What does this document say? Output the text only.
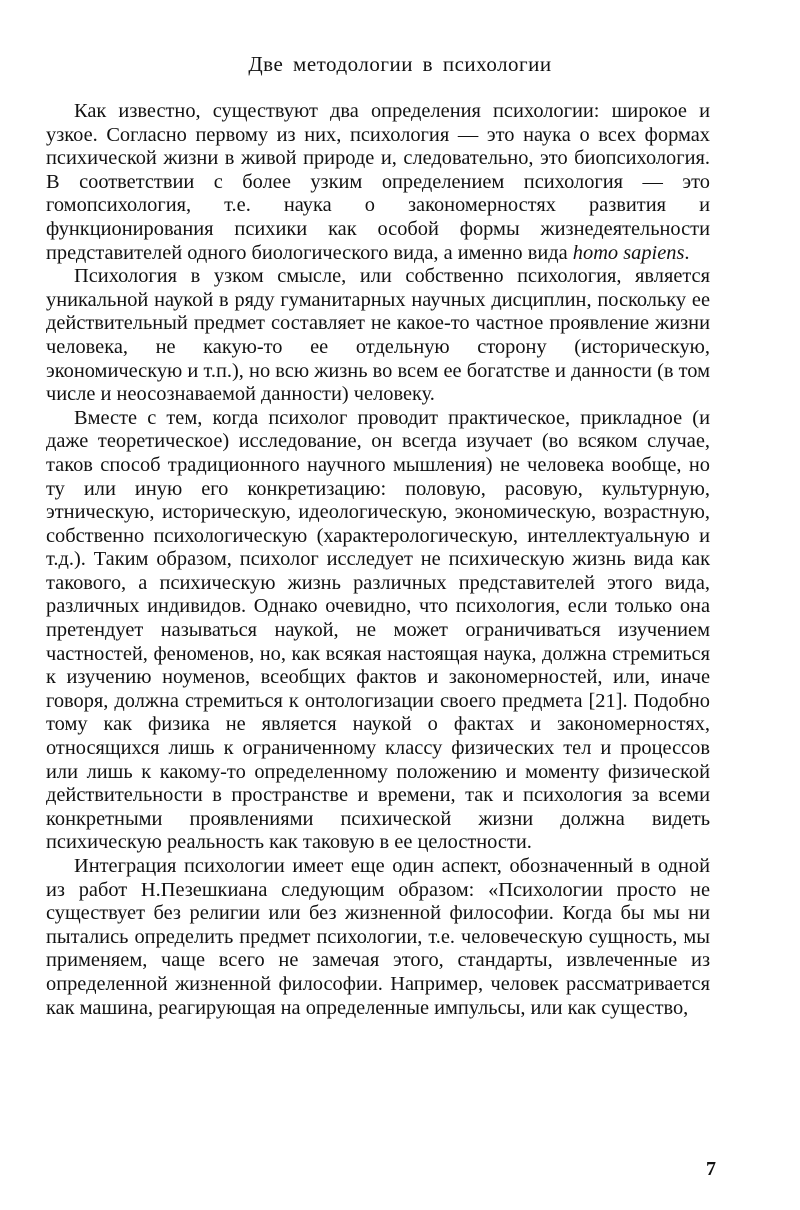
Две методологии в психологии

Как известно, существуют два определения психологии: широкое и узкое. Согласно первому из них, психология — это наука о всех формах психической жизни в живой природе и, следовательно, это биопсихология. В соответствии с более узким определением психология — это гомопсихология, т.е. наука о закономерностях развития и функционирования психики как особой формы жизнедеятельности представителей одного биологического вида, а именно вида homo sapiens.

Психология в узком смысле, или собственно психология, является уникальной наукой в ряду гуманитарных научных дисциплин, поскольку ее действительный предмет составляет не какое-то частное проявление жизни человека, не какую-то ее отдельную сторону (историческую, экономическую и т.п.), но всю жизнь во всем ее богатстве и данности (в том числе и неосознаваемой данности) человеку.

Вместе с тем, когда психолог проводит практическое, прикладное (и даже теоретическое) исследование, он всегда изучает (во всяком случае, таков способ традиционного научного мышления) не человека вообще, но ту или иную его конкретизацию: половую, расовую, культурную, этническую, историческую, идеологическую, экономическую, возрастную, собственно психологическую (характерологическую, интеллектуальную и т.д.). Таким образом, психолог исследует не психическую жизнь вида как такового, а психическую жизнь различных представителей этого вида, различных индивидов. Однако очевидно, что психология, если только она претендует называться наукой, не может ограничиваться изучением частностей, феноменов, но, как всякая настоящая наука, должна стремиться к изучению ноуменов, всеобщих фактов и закономерностей, или, иначе говоря, должна стремиться к онтологизации своего предмета [21]. Подобно тому как физика не является наукой о фактах и закономерностях, относящихся лишь к ограниченному классу физических тел и процессов или лишь к какому-то определенному положению и моменту физической действительности в пространстве и времени, так и психология за всеми конкретными проявлениями психической жизни должна видеть психическую реальность как таковую в ее целостности.

Интеграция психологии имеет еще один аспект, обозначенный в одной из работ Н.Пезешкиана следующим образом: «Психологии просто не существует без религии или без жизненной философии. Когда бы мы ни пытались определить предмет психологии, т.е. человеческую сущность, мы применяем, чаще всего не замечая этого, стандарты, извлеченные из определенной жизненной философии. Например, человек рассматривается как машина, реагирующая на определенные импульсы, или как существо,

7
